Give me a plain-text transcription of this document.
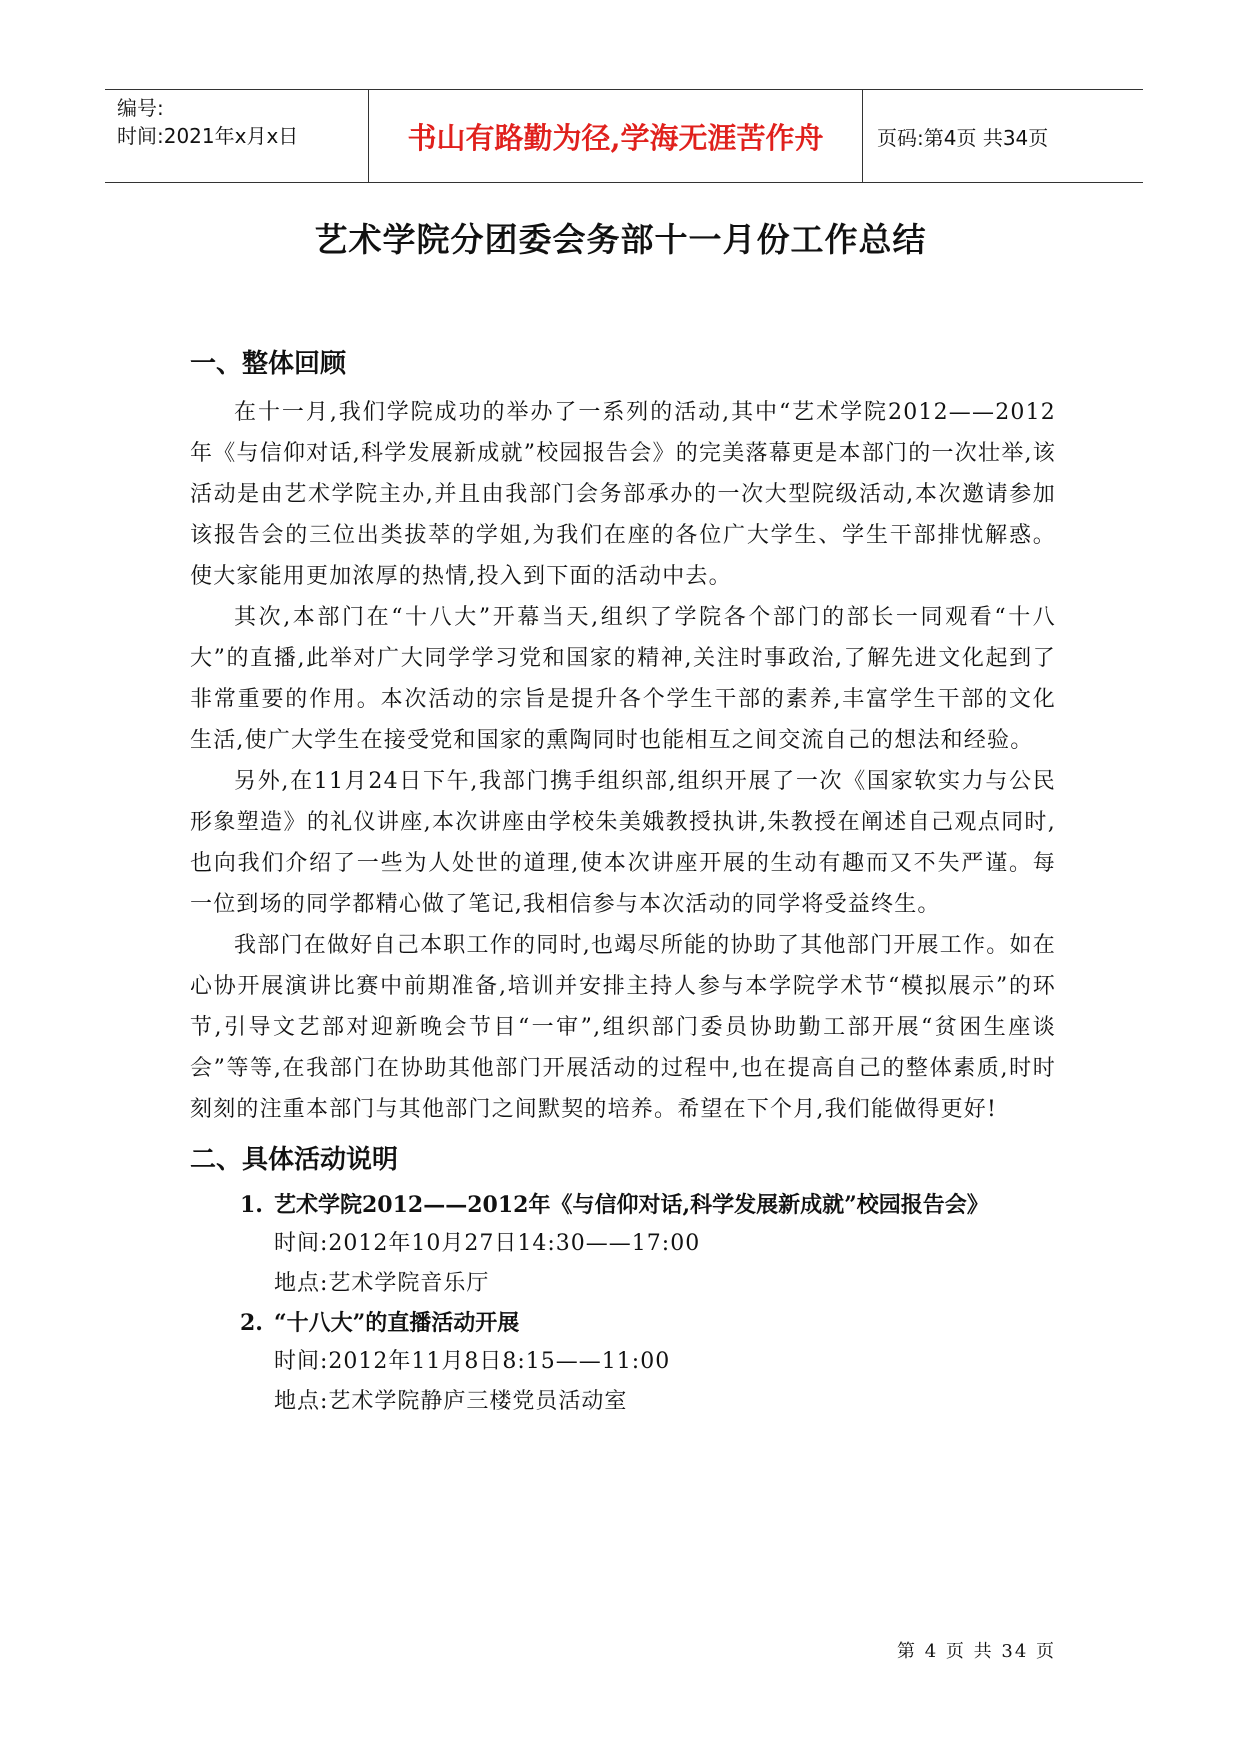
编号:
时间:2021年x月x日	书山有路勤为径,学海无涯苦作舟	页码:第4页 共34页
艺术学院分团委会务部十一月份工作总结
一、整体回顾

在十一月,我们学院成功的举办了一系列的活动,其中“艺术学院2012——2012年《与信仰对话,科学发展新成就”校园报告会》的完美落幕更是本部门的一次壮举,该活动是由艺术学院主办,并且由我部门会务部承办的一次大型院级活动,本次邀请参加该报告会的三位出类拔萃的学姐,为我们在座的各位广大学生、学生干部排忧解惑。使大家能用更加浓厚的热情,投入到下面的活动中去。

其次,本部门在“十八大”开幕当天,组织了学院各个部门的部长一同观看“十八大”的直播,此举对广大同学学习党和国家的精神,关注时事政治,了解先进文化起到了非常重要的作用。本次活动的宗旨是提升各个学生干部的素养,丰富学生干部的文化生活,使广大学生在接受党和国家的熏陶同时也能相互之间交流自己的想法和经验。

另外,在11月24日下午,我部门携手组织部,组织开展了一次《国家软实力与公民形象塑造》的礼仪讲座,本次讲座由学校朱美娥教授执讲,朱教授在阐述自己观点同时,也向我们介绍了一些为人处世的道理,使本次讲座开展的生动有趣而又不失严谨。每一位到场的同学都精心做了笔记,我相信参与本次活动的同学将受益终生。

我部门在做好自己本职工作的同时,也竭尽所能的协助了其他部门开展工作。如在心协开展演讲比赛中前期准备,培训并安排主持人参与本学院学术节“模拟展示”的环节,引导文艺部对迎新晚会节目“一审”,组织部门委员协助勤工部开展“贫困生座谈会”等等,在我部门在协助其他部门开展活动的过程中,也在提高自己的整体素质,时时刻刻的注重本部门与其他部门之间默契的培养。希望在下个月,我们能做得更好!

二、具体活动说明
1. 艺术学院2012——2012年《与信仰对话,科学发展新成就”校园报告会》
时间:2012年10月27日14:30——17:00
地点:艺术学院音乐厅
2. “十八大”的直播活动开展
时间:2012年11月8日8:15——11:00
地点:艺术学院静庐三楼党员活动室
第 4 页 共 34 页
